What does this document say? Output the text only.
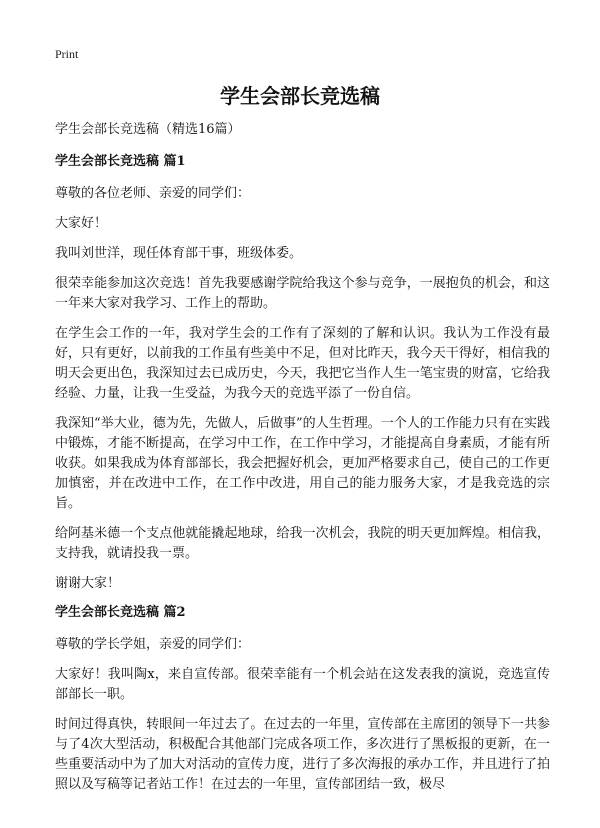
Print
学生会部长竞选稿

学生会部长竞选稿（精选16篇）

学生会部长竞选稿 篇1

尊敬的各位老师、亲爱的同学们：

大家好！

我叫刘世洋，现任体育部干事，班级体委。

很荣幸能参加这次竞选！首先我要感谢学院给我这个参与竞争，一展抱负的机会，和这一年来大家对我学习、工作上的帮助。

在学生会工作的一年，我对学生会的工作有了深刻的了解和认识。我认为工作没有最好，只有更好，以前我的工作虽有些美中不足，但对比昨天，我今天干得好，相信我的明天会更出色，我深知过去已成历史，今天，我把它当作人生一笔宝贵的财富，它给我经验、力量，让我一生受益，为我今天的竞选平添了一份自信。

我深知“举大业，德为先，先做人，后做事”的人生哲理。一个人的工作能力只有在实践中锻炼，才能不断提高，在学习中工作，在工作中学习，才能提高自身素质，才能有所收获。如果我成为体育部部长，我会把握好机会，更加严格要求自己，使自己的工作更加慎密，并在改进中工作，在工作中改进，用自己的能力服务大家，才是我竞选的宗旨。

给阿基米德一个支点他就能撬起地球，给我一次机会，我院的明天更加辉煌。相信我，支持我，就请投我一票。

谢谢大家！

学生会部长竞选稿 篇2

尊敬的学长学姐，亲爱的同学们：

大家好！我叫陶x，来自宣传部。很荣幸能有一个机会站在这发表我的演说，竞选宣传部部长一职。

时间过得真快，转眼间一年过去了。在过去的一年里，宣传部在主席团的领导下一共参与了4次大型活动，积极配合其他部门完成各项工作，多次进行了黑板报的更新，在一些重要活动中为了加大对活动的宣传力度，进行了多次海报的承办工作，并且进行了拍照以及写稿等记者站工作！在过去的一年里，宣传部团结一致，极尽
